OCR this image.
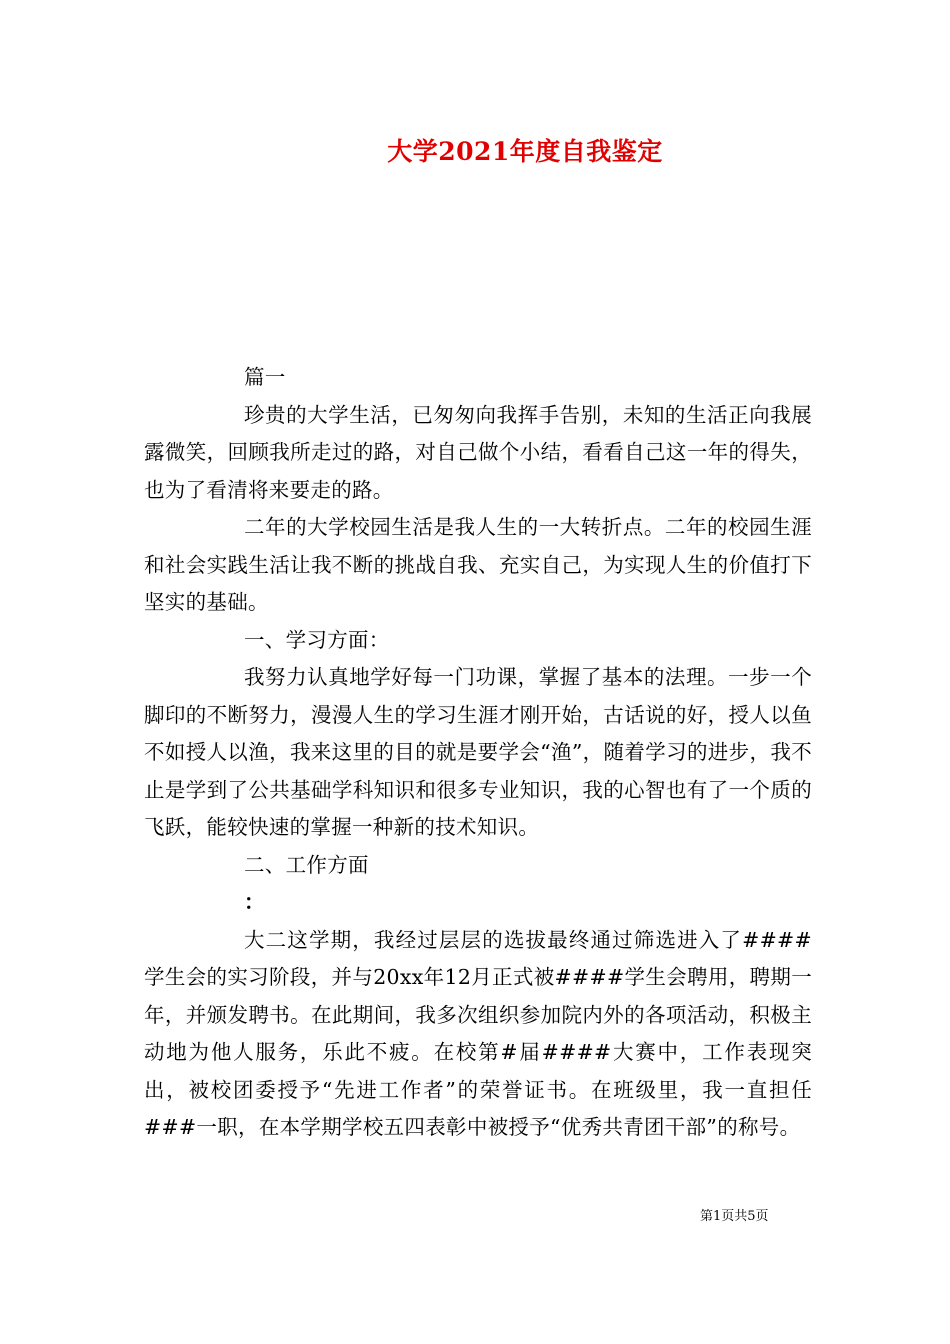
大学2021年度自我鉴定

篇一

珍贵的大学生活，已匆匆向我挥手告别，未知的生活正向我展露微笑，回顾我所走过的路，对自己做个小结，看看自己这一年的得失，也为了看清将来要走的路。

二年的大学校园生活是我人生的一大转折点。二年的校园生涯和社会实践生活让我不断的挑战自我、充实自己，为实现人生的价值打下坚实的基础。

一、学习方面：

我努力认真地学好每一门功课，掌握了基本的法理。一步一个脚印的不断努力，漫漫人生的学习生涯才刚开始，古话说的好，授人以鱼不如授人以渔，我来这里的目的就是要学会“渔”，随着学习的进步，我不止是学到了公共基础学科知识和很多专业知识，我的心智也有了一个质的飞跃，能较快速的掌握一种新的技术知识。

二、工作方面

：

大二这学期，我经过层层的选拔最终通过筛选进入了####学生会的实习阶段，并与20xx年12月正式被####学生会聘用，聘期一年，并颁发聘书。在此期间，我多次组织参加院内外的各项活动，积极主动地为他人服务，乐此不疲。在校第#届####大赛中，工作表现突出，被校团委授予“先进工作者”的荣誉证书。在班级里，我一直担任###一职，在本学期学校五四表彰中被授予“优秀共青团干部”的称号。

第1页共5页
